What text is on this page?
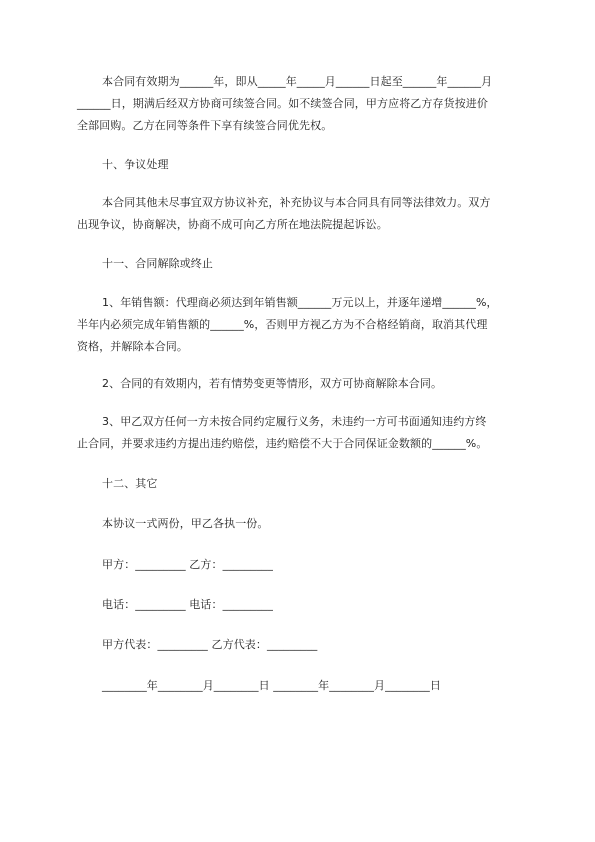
本合同有效期为______年，即从_____年_____月______日起至______年______月
______日，期满后经双方协商可续签合同。如不续签合同，甲方应将乙方存货按进价
全部回购。乙方在同等条件下享有续签合同优先权。
十、争议处理
本合同其他未尽事宜双方协议补充，补充协议与本合同具有同等法律效力。双方
出现争议，协商解决，协商不成可向乙方所在地法院提起诉讼。
十一、合同解除或终止
1、年销售额：代理商必须达到年销售额______万元以上，并逐年递增______%，
半年内必须完成年销售额的______%，否则甲方视乙方为不合格经销商，取消其代理
资格，并解除本合同。
2、合同的有效期内，若有情势变更等情形，双方可协商解除本合同。
3、甲乙双方任何一方未按合同约定履行义务，未违约一方可书面通知违约方终
止合同，并要求违约方提出违约赔偿，违约赔偿不大于合同保证金数额的______%。
十二、其它
本协议一式两份，甲乙各执一份。
甲方：_________ 乙方：_________
电话：_________ 电话：_________
甲方代表：_________ 乙方代表：_________
________年________月________日 ________年________月________日
